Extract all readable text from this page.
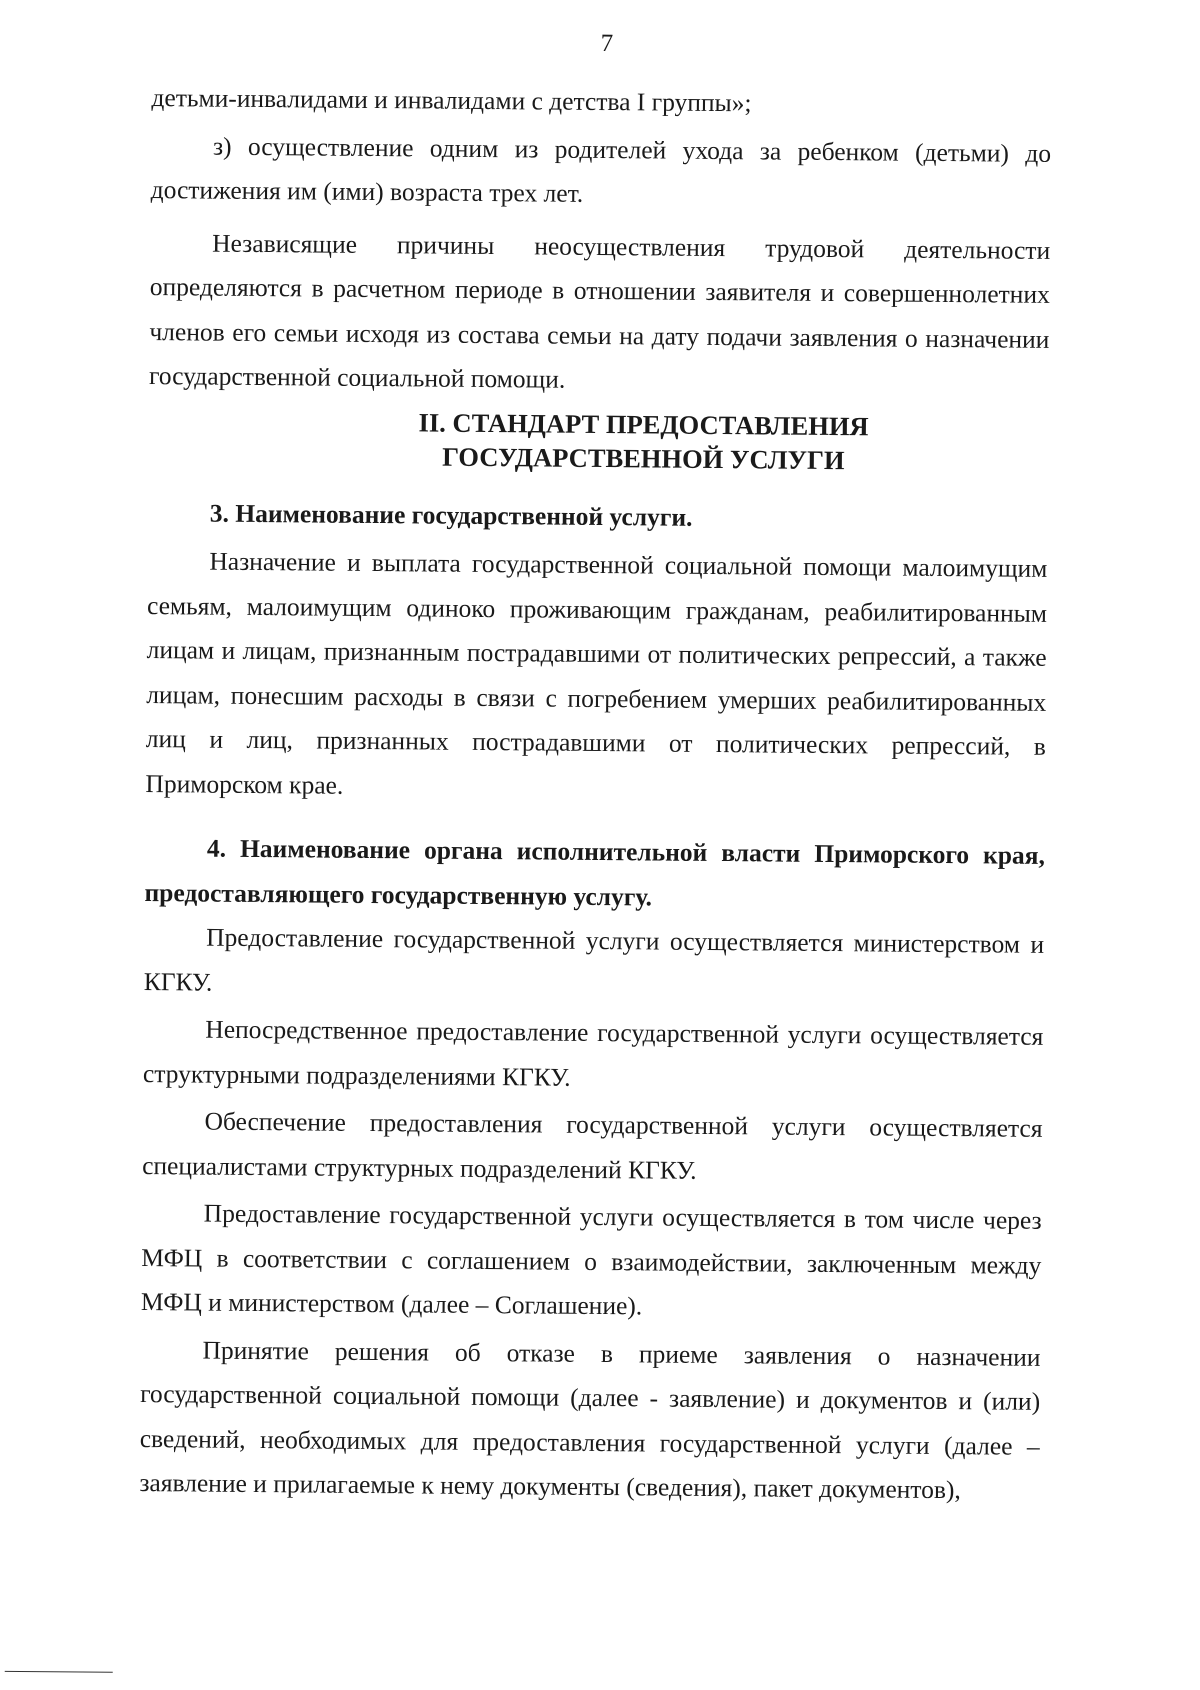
7

детьми-инвалидами и инвалидами с детства I группы»;

з) осуществление одним из родителей ухода за ребенком (детьми) до достижения им (ими) возраста трех лет.

Независящие причины неосуществления трудовой деятельности определяются в расчетном периоде в отношении заявителя и совершеннолетних членов его семьи исходя из состава семьи на дату подачи заявления о назначении государственной социальной помощи.

II. СТАНДАРТ ПРЕДОСТАВЛЕНИЯ
ГОСУДАРСТВЕННОЙ УСЛУГИ

3. Наименование государственной услуги.

Назначение и выплата государственной социальной помощи малоимущим семьям, малоимущим одиноко проживающим гражданам, реабилитированным лицам и лицам, признанным пострадавшими от политических репрессий, а также лицам, понесшим расходы в связи с погребением умерших реабилитированных лиц и лиц, признанных пострадавшими от политических репрессий, в Приморском крае.

4. Наименование органа исполнительной власти Приморского края, предоставляющего государственную услугу.

Предоставление государственной услуги осуществляется министерством и КГКУ.

Непосредственное предоставление государственной услуги осуществляется структурными подразделениями КГКУ.

Обеспечение предоставления государственной услуги осуществляется специалистами структурных подразделений КГКУ.

Предоставление государственной услуги осуществляется в том числе через МФЦ в соответствии с соглашением о взаимодействии, заключенным между МФЦ и министерством (далее – Соглашение).

Принятие решения об отказе в приеме заявления о назначении государственной социальной помощи (далее - заявление) и документов и (или) сведений, необходимых для предоставления государственной услуги (далее – заявление и прилагаемые к нему документы (сведения), пакет документов),
